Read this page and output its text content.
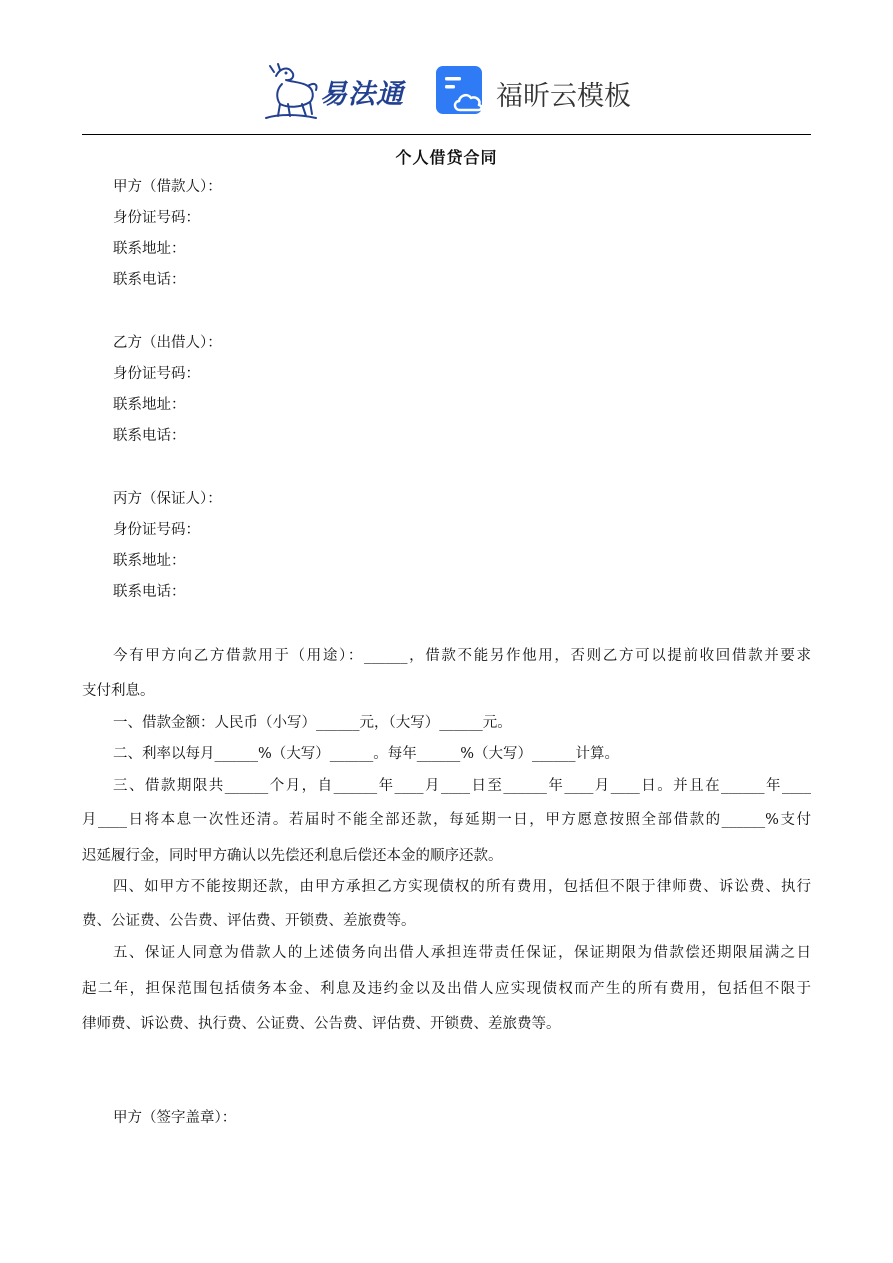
易法通	福昕云模板
个人借贷合同
甲方（借款人）：
身份证号码：
联系地址：
联系电话：
乙方（出借人）：
身份证号码：
联系地址：
联系电话：
丙方（保证人）：
身份证号码：
联系地址：
联系电话：
今有甲方向乙方借款用于（用途）：______，借款不能另作他用，否则乙方可以提前收回借款并要求
支付利息。
一、借款金额：人民币（小写）______元，（大写）______元。
二、利率以每月______%（大写）______。每年______%（大写）______计算。
三、借款期限共______个月，自______年____月____日至______年____月____日。并且在______年____
月____日将本息一次性还清。若届时不能全部还款，每延期一日，甲方愿意按照全部借款的______%支付
迟延履行金，同时甲方确认以先偿还利息后偿还本金的顺序还款。
四、如甲方不能按期还款，由甲方承担乙方实现债权的所有费用，包括但不限于律师费、诉讼费、执行
费、公证费、公告费、评估费、开锁费、差旅费等。
五、保证人同意为借款人的上述债务向出借人承担连带责任保证，保证期限为借款偿还期限届满之日
起二年，担保范围包括债务本金、利息及违约金以及出借人应实现债权而产生的所有费用，包括但不限于
律师费、诉讼费、执行费、公证费、公告费、评估费、开锁费、差旅费等。
甲方（签字盖章）：
